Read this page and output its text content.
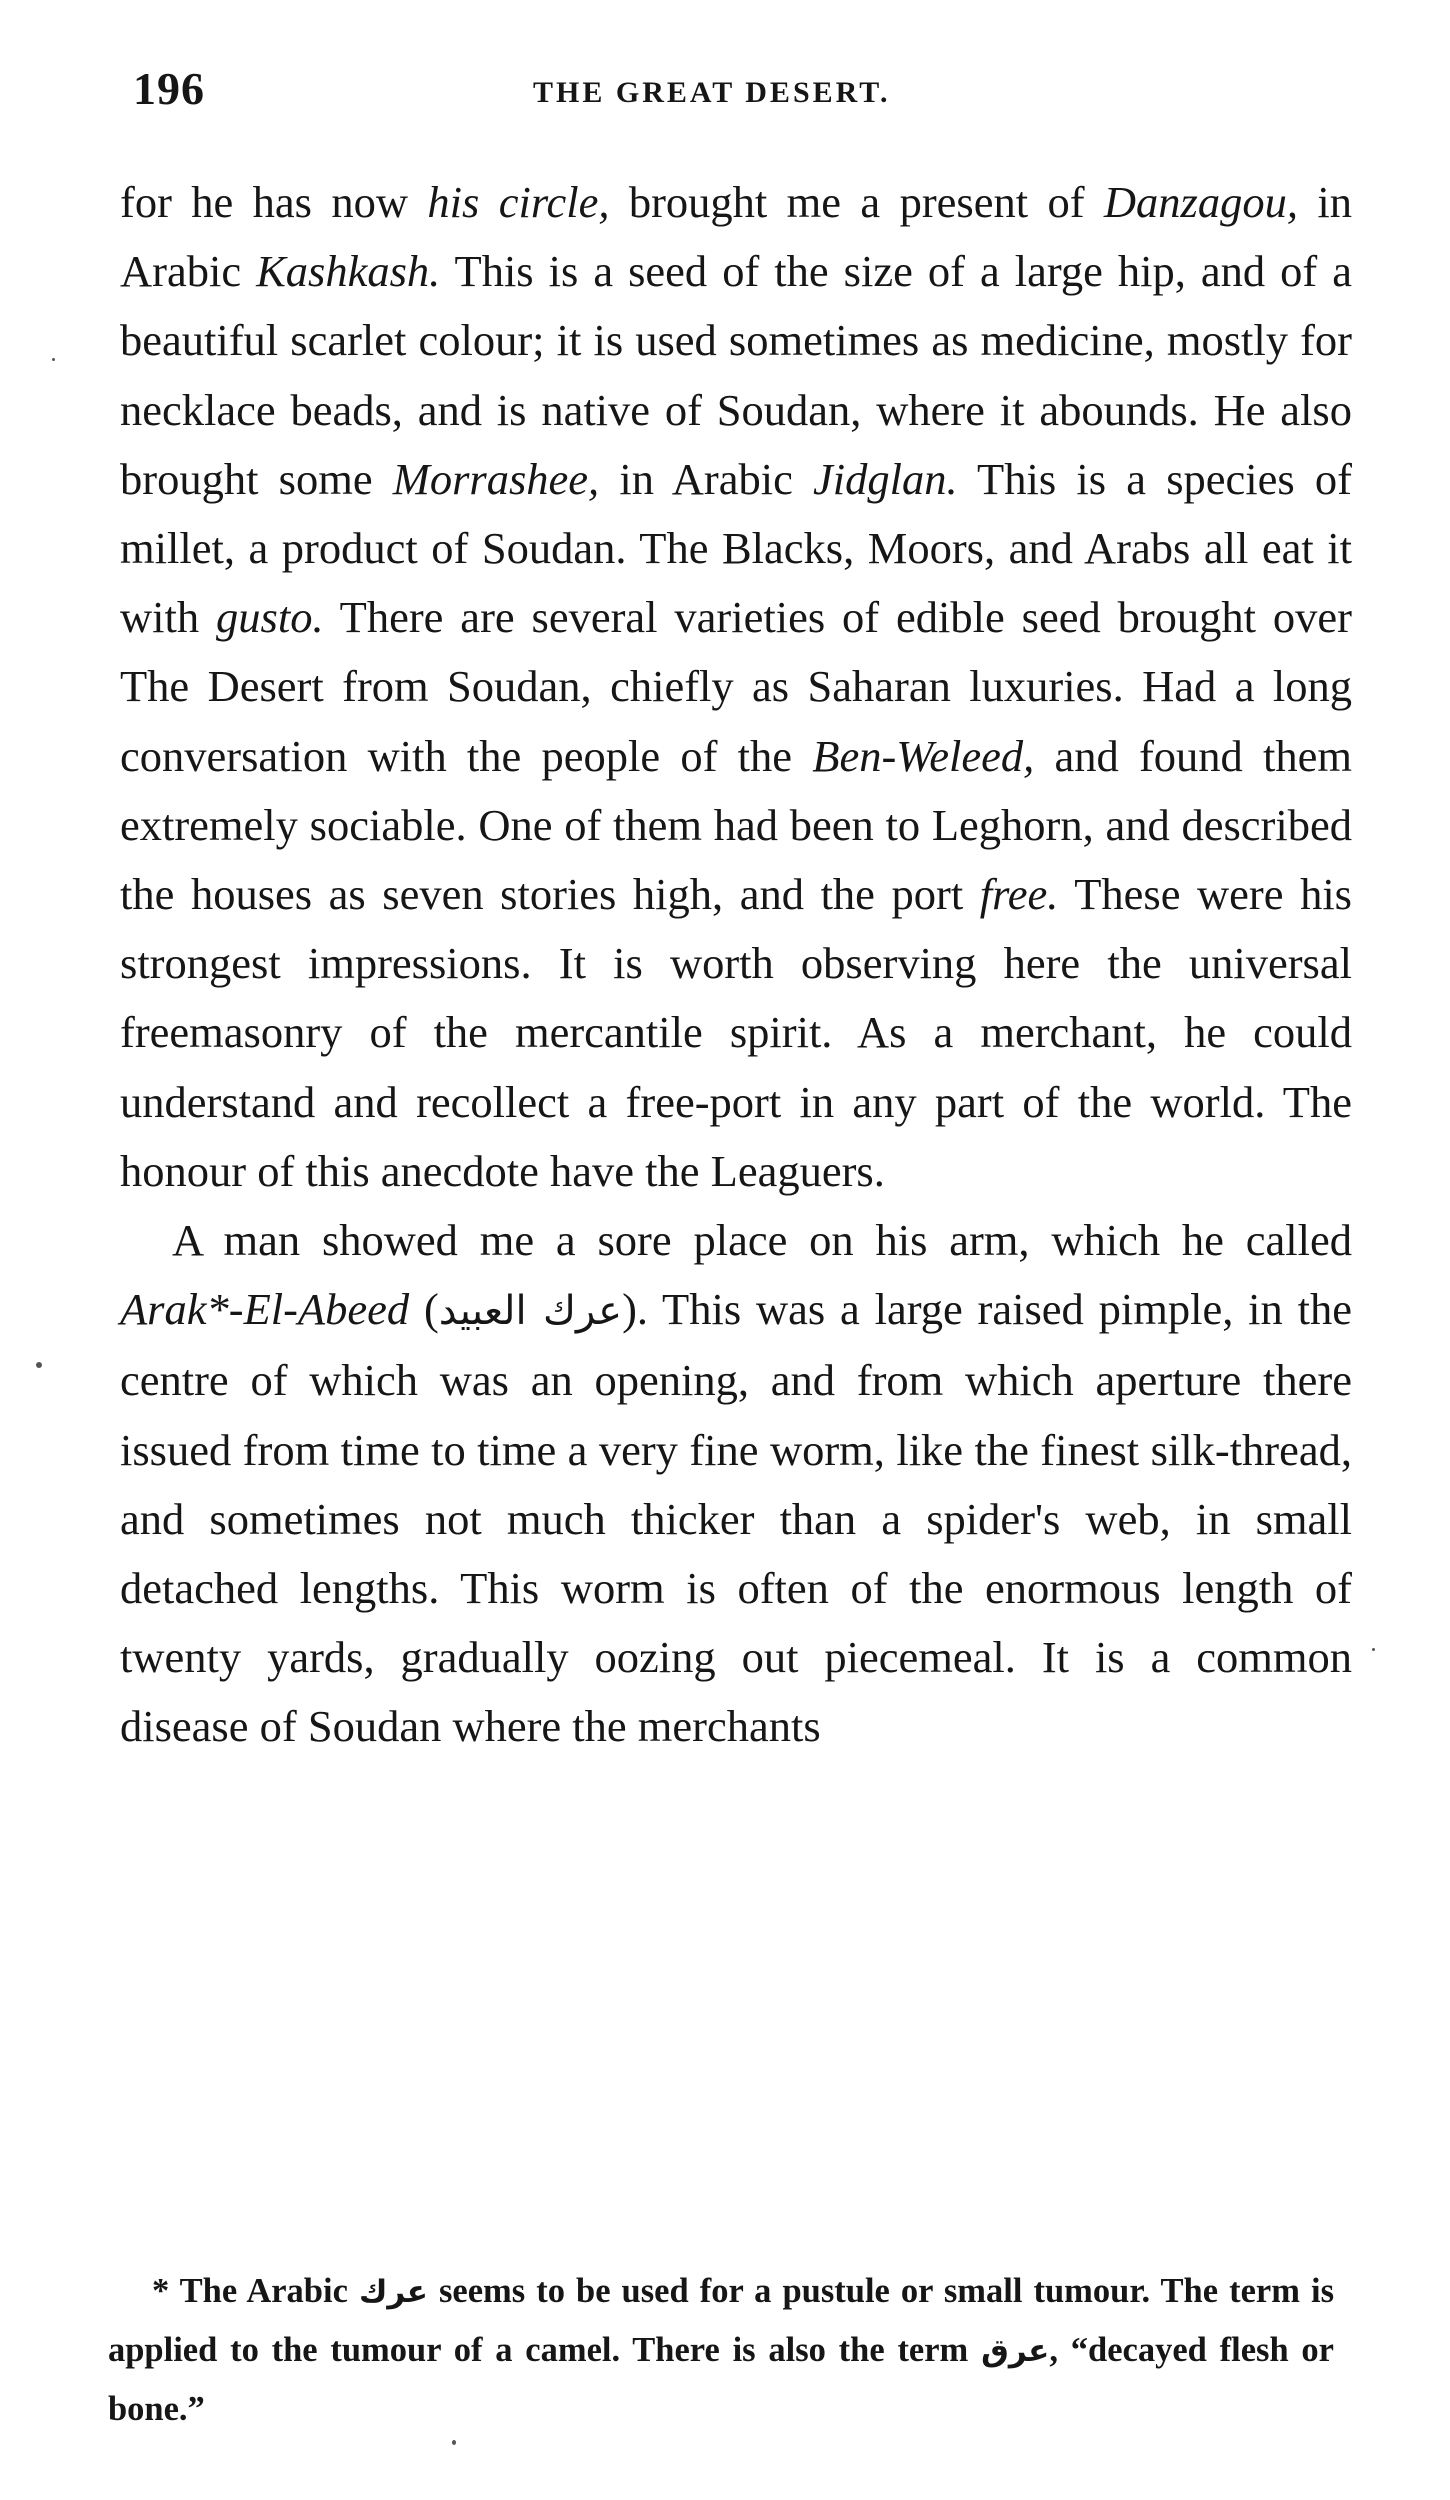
196	THE GREAT DESERT.

for he has now his circle, brought me a present of Danzagou, in Arabic Kashkash. This is a seed of the size of a large hip, and of a beautiful scarlet colour; it is used sometimes as medicine, mostly for necklace beads, and is native of Soudan, where it abounds. He also brought some Morrashee, in Arabic Jidglan. This is a species of millet, a product of Soudan. The Blacks, Moors, and Arabs all eat it with gusto. There are several varieties of edible seed brought over The Desert from Soudan, chiefly as Saharan luxuries. Had a long conversation with the people of the Ben-Weleed, and found them extremely sociable. One of them had been to Leghorn, and described the houses as seven stories high, and the port free. These were his strongest impressions. It is worth observing here the universal freemasonry of the mercantile spirit. As a merchant, he could understand and recollect a free-port in any part of the world. The honour of this anecdote have the Leaguers.

A man showed me a sore place on his arm, which he called Arak*-El-Abeed (عرك العبيد). This was a large raised pimple, in the centre of which was an opening, and from which aperture there issued from time to time a very fine worm, like the finest silk-thread, and sometimes not much thicker than a spider's web, in small detached lengths. This worm is often of the enormous length of twenty yards, gradually oozing out piecemeal. It is a common disease of Soudan where the merchants

* The Arabic عرك seems to be used for a pustule or small tumour. The term is applied to the tumour of a camel. There is also the term عرق, “decayed flesh or bone.”
